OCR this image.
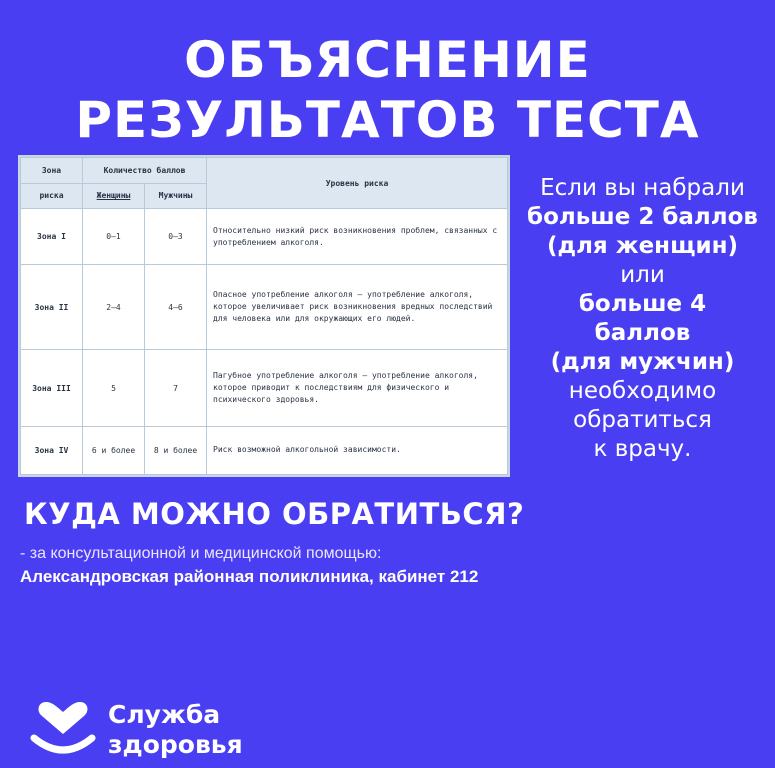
ОБЪЯСНЕНИЕ
РЕЗУЛЬТАТОВ ТЕСТА
Зона	Количество баллов		Уровень риска
риска	Женщины	Мужчины	
Зона I	0–1	0–3	Относительно низкий риск возникновения проблем, связанных с употреблением алкоголя.
Зона II	2–4	4–6	Опасное употребление алкоголя – употребление алкоголя, которое увеличивает риск возникновения вредных последствий для человека или для окружающих его людей.
Зона III	5	7	Пагубное употребление алкоголя – употребление алкоголя, которое приводит к последствиям для физического и психического здоровья.
Зона IV	6 и более	8 и более	Риск возможной алкогольной зависимости.
Если вы набрали
больше 2 баллов
(для женщин)
или
больше 4
баллов
(для мужчин)
необходимо
обратиться
к врачу.
КУДА МОЖНО ОБРАТИТЬСЯ?
- за консультационной и медицинской помощью:
Александровская районная поликлиника, кабинет 212
Служба
здоровья
